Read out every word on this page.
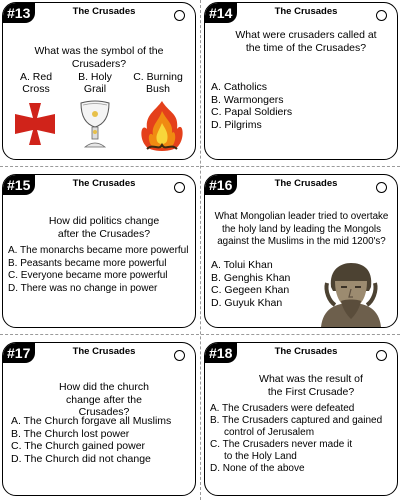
#13	The Crusades
What was the symbol of the Crusaders?
A. Red
Cross
B. Holy
Grail
C. Burning
Bush
#14	The Crusades
What were crusaders called at the time of the Crusades?
A. Catholics
B. Warmongers
C. Papal Soldiers
D. Pilgrims
#15	The Crusades
How did politics change after the Crusades?
A. The monarchs became more powerful
B. Peasants became more powerful
C. Everyone became more powerful
D. There was no change in power
#16	The Crusades
What Mongolian leader tried to overtake the holy land by leading the Mongols against the Muslims in the mid 1200's?
A. Tolui Khan
B. Genghis Khan
C. Gegeen Khan
D. Guyuk Khan
#17	The Crusades
How did the church change after the Crusades?
A. The Church forgave all Muslims
B. The Church lost power
C. The Church gained power
D. The Church did not change
#18	The Crusades
What was the result of the First Crusade?
A. The Crusaders were defeated
B. The Crusaders captured and gained
control of Jerusalem
C. The Crusaders never made it
to the Holy Land
D. None of the above
